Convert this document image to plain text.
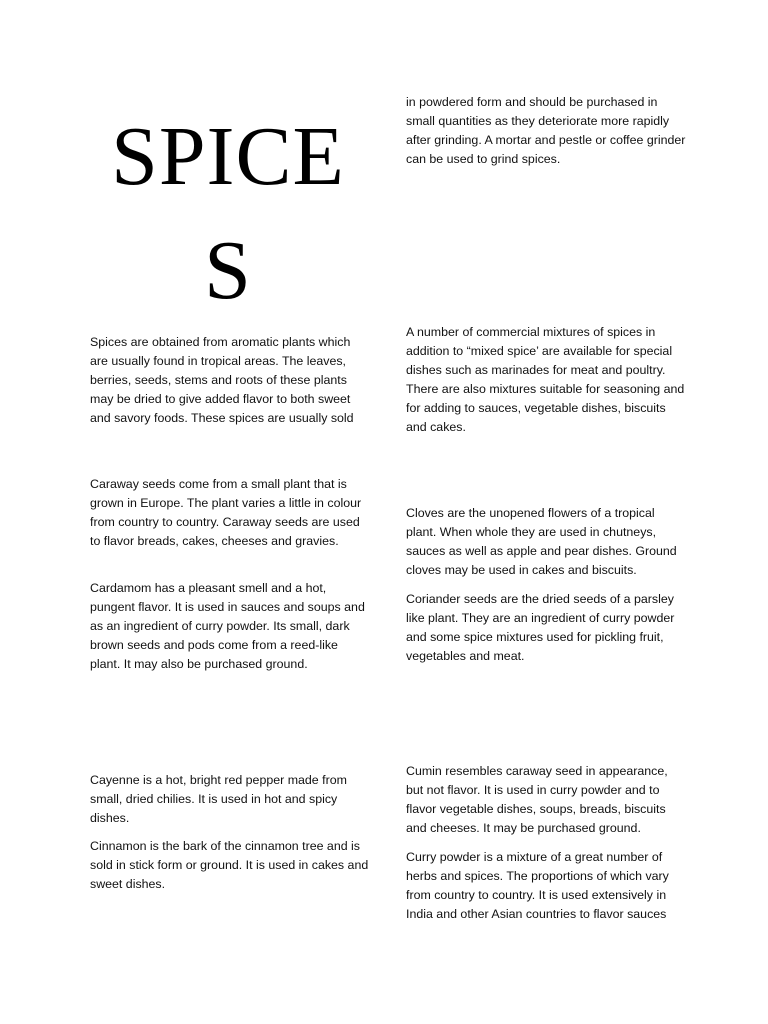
SPICE
S

Spices are obtained from aromatic plants which are usually found in tropical areas. The leaves, berries, seeds, stems and roots of these plants may be dried to give added flavor to both sweet and savory foods. These spices are usually sold

Caraway seeds come from a small plant that is grown in Europe. The plant varies a little in colour from country to country. Caraway seeds are used to flavor breads, cakes, cheeses and gravies.

Cardamom has a pleasant smell and a hot, pungent flavor. It is used in sauces and soups and as an ingredient of curry powder. Its small, dark brown seeds and pods come from a reed-like plant. It may also be purchased ground.

Cayenne is a hot, bright red pepper made from small, dried chilies. It is used in hot and spicy dishes.

Cinnamon is the bark of the cinnamon tree and is sold in stick form or ground. It is used in cakes and sweet dishes.

in powdered form and should be purchased in small quantities as they deteriorate more rapidly after grinding. A mortar and pestle or coffee grinder can be used to grind spices.

A number of commercial mixtures of spices in addition to “mixed spice’ are available for special dishes such as marinades for meat and poultry. There are also mixtures suitable for seasoning and for adding to sauces, vegetable dishes, biscuits and cakes.

Cloves are the unopened flowers of a tropical plant. When whole they are used in chutneys, sauces as well as apple and pear dishes. Ground cloves may be used in cakes and biscuits.

Coriander seeds are the dried seeds of a parsley like plant. They are an ingredient of curry powder and some spice mixtures used for pickling fruit, vegetables and meat.

Cumin resembles caraway seed in appearance, but not flavor. It is used in curry powder and to flavor vegetable dishes, soups, breads, biscuits and cheeses. It may be purchased ground.

Curry powder is a mixture of a great number of herbs and spices. The proportions of which vary from country to country. It is used extensively in India and other Asian countries to flavor sauces
